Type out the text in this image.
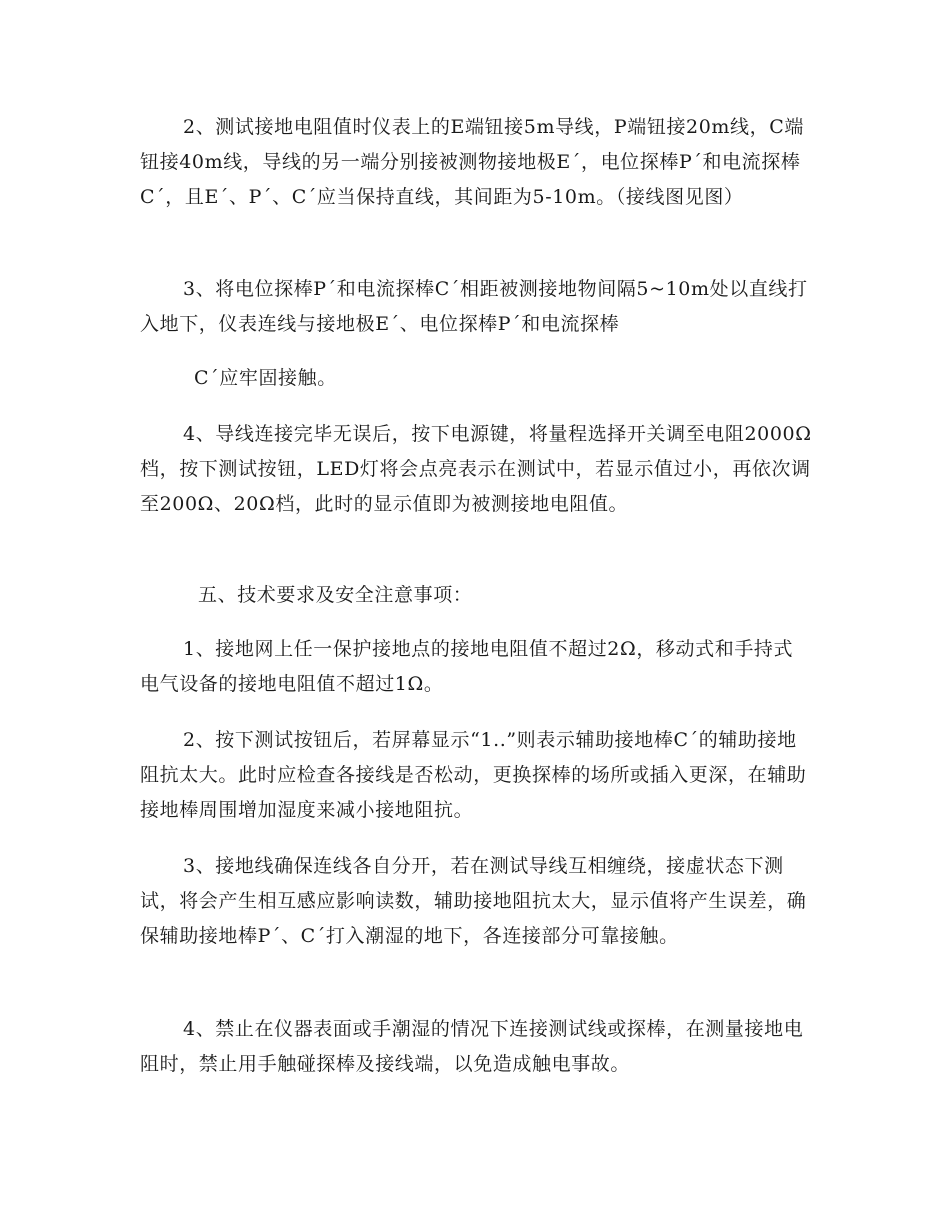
2、测试接地电阻值时仪表上的E端钮接5m导线，P端钮接20m线，C端钮接40m线，导线的另一端分别接被测物接地极E´，电位探棒P´和电流探棒C´，且E´、P´、C´应当保持直线，其间距为5-10m。（接线图见图）

3、将电位探棒P´和电流探棒C´相距被测接地物间隔5~10m处以直线打入地下，仪表连线与接地极E´、电位探棒P´和电流探棒

C´应牢固接触。

4、导线连接完毕无误后，按下电源键，将量程选择开关调至电阻2000Ω档，按下测试按钮，LED灯将会点亮表示在测试中，若显示值过小，再依次调至200Ω、20Ω档，此时的显示值即为被测接地电阻值。

五、技术要求及安全注意事项：

1、接地网上任一保护接地点的接地电阻值不超过2Ω，移动式和手持式电气设备的接地电阻值不超过1Ω。

2、按下测试按钮后，若屏幕显示“1..”则表示辅助接地棒C´的辅助接地阻抗太大。此时应检查各接线是否松动，更换探棒的场所或插入更深，在辅助接地棒周围增加湿度来减小接地阻抗。

3、接地线确保连线各自分开，若在测试导线互相缠绕，接虚状态下测试，将会产生相互感应影响读数，辅助接地阻抗太大，显示值将产生误差，确保辅助接地棒P´、C´打入潮湿的地下，各连接部分可靠接触。

4、禁止在仪器表面或手潮湿的情况下连接测试线或探棒，在测量接地电阻时，禁止用手触碰探棒及接线端，以免造成触电事故。
